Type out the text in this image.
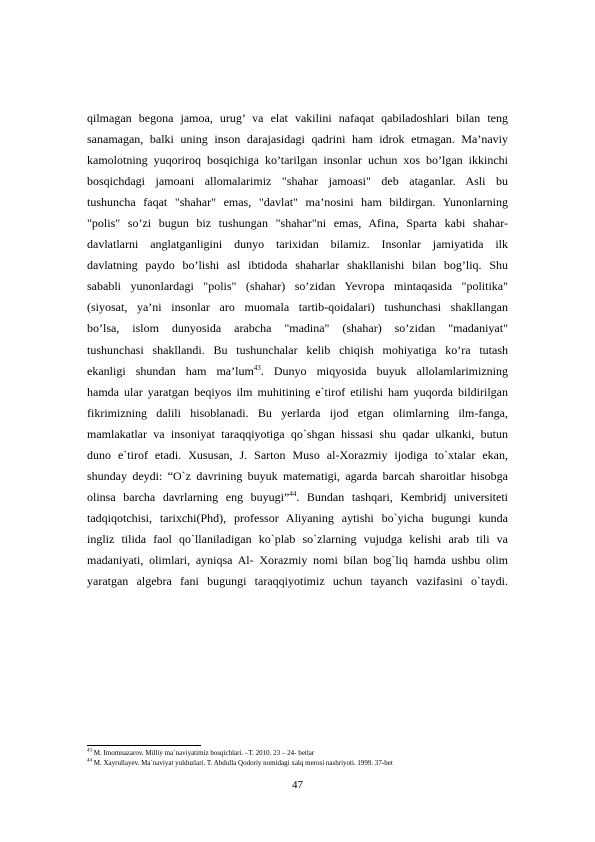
qilmagan begona jamoa, urug’ va elat vakilini nafaqat qabiladoshlari bilan teng
sanamagan, balki uning inson darajasidagi qadrini ham idrok etmagan. Ma’naviy
kamolotning yuqoriroq bosqichiga ko’tarilgan insonlar uchun xos bo’lgan ikkinchi
bosqichdagi jamoani allomalarimiz "shahar jamoasi" deb ataganlar. Asli bu
tushuncha faqat "shahar" emas, "davlat" ma’nosini ham bildirgan. Yunonlarning
"polis" so’zi bugun biz tushungan "shahar"ni emas, Afina, Sparta kabi shahar-
davlatlarni anglatganligini dunyo tarixidan bilamiz. Insonlar jamiyatida ilk
davlatning paydo bo’lishi asl ibtidoda shaharlar shakllanishi bilan bog’liq. Shu
sababli yunonlardagi "polis" (shahar) so’zidan Yevropa mintaqasida "politika"
(siyosat, ya’ni insonlar aro muomala tartib-qoidalari) tushunchasi shakllangan
bo’lsa, islom dunyosida arabcha "madina" (shahar) so’zidan "madaniyat"
tushunchasi shakllandi. Bu tushunchalar kelib chiqish mohiyatiga ko’ra tutash
ekanligi shundan ham ma’lum$^{43}$. Dunyo miqyosida buyuk allolamlarimizning
hamda ular yaratgan beqiyos ilm muhitining e`tirof etilishi ham yuqorda bildirilgan
fikrimizning dalili hisoblanadi. Bu yerlarda ijod etgan olimlarning ilm-fanga,
mamlakatlar va insoniyat taraqqiyotiga qo`shgan hissasi shu qadar ulkanki, butun
duno e`tirof etadi. Xususan, J. Sarton Muso al-Xorazmiy ijodiga to`xtalar ekan,
shunday deydi: “O`z davrining buyuk matematigi, agarda barcah sharoitlar hisobga
olinsa barcha davrlarning eng buyugi”$^{44}$. Bundan tashqari, Kembridj universiteti
tadqiqotchisi, tarixchi(Phd), professor Aliyaning aytishi bo`yicha bugungi kunda
ingliz tilida faol qo`llaniladigan ko`plab so`zlarning vujudga kelishi arab tili va
madaniyati, olimlari, ayniqsa Al- Xorazmiy nomi bilan bog`liq hamda ushbu olim
yaratgan algebra fani bugungi taraqqiyotimiz uchun tayanch vazifasini o`taydi.
$^{43}$ M. Imomnazarov. Milliy ma`naviyatimiz bosqichlari. –T. 2010. 23 – 24- betlar
$^{44}$ M. Xayrullayev. Ma`naviyat yulduzlari. T. Abdulla Qodoriy nomidagi xalq merosi nashriyoti. 1999. 37-bet
47
